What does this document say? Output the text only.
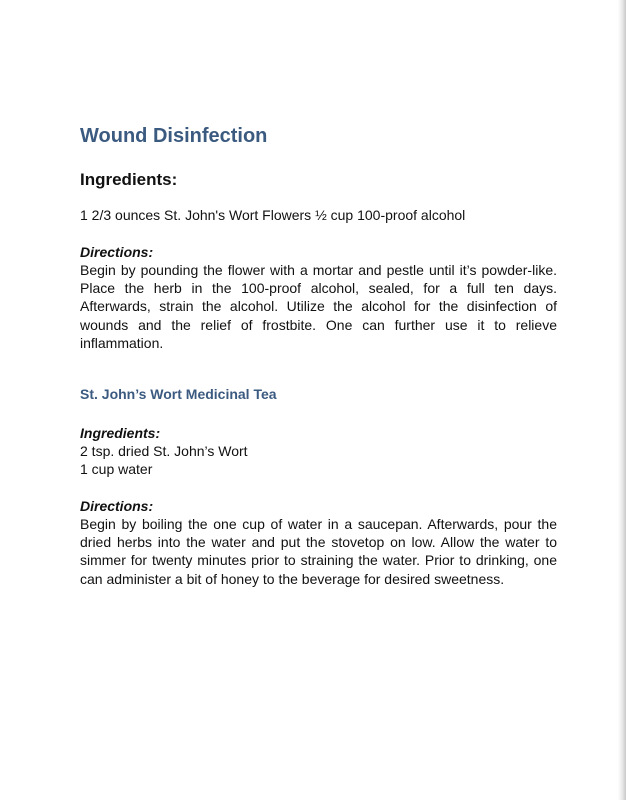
Wound Disinfection
Ingredients:

1 2/3 ounces St. John's Wort Flowers ½ cup 100-proof alcohol

Directions:

Begin by pounding the flower with a mortar and pestle until it’s powder-like. Place the herb in the 100-proof alcohol, sealed, for a full ten days. Afterwards, strain the alcohol. Utilize the alcohol for the disinfection of wounds and the relief of frostbite. One can further use it to relieve inflammation.

St. John’s Wort Medicinal Tea

Ingredients:

2 tsp. dried St. John’s Wort

1 cup water

Directions:

Begin by boiling the one cup of water in a saucepan. Afterwards, pour the dried herbs into the water and put the stovetop on low. Allow the water to simmer for twenty minutes prior to straining the water. Prior to drinking, one can administer a bit of honey to the beverage for desired sweetness.
